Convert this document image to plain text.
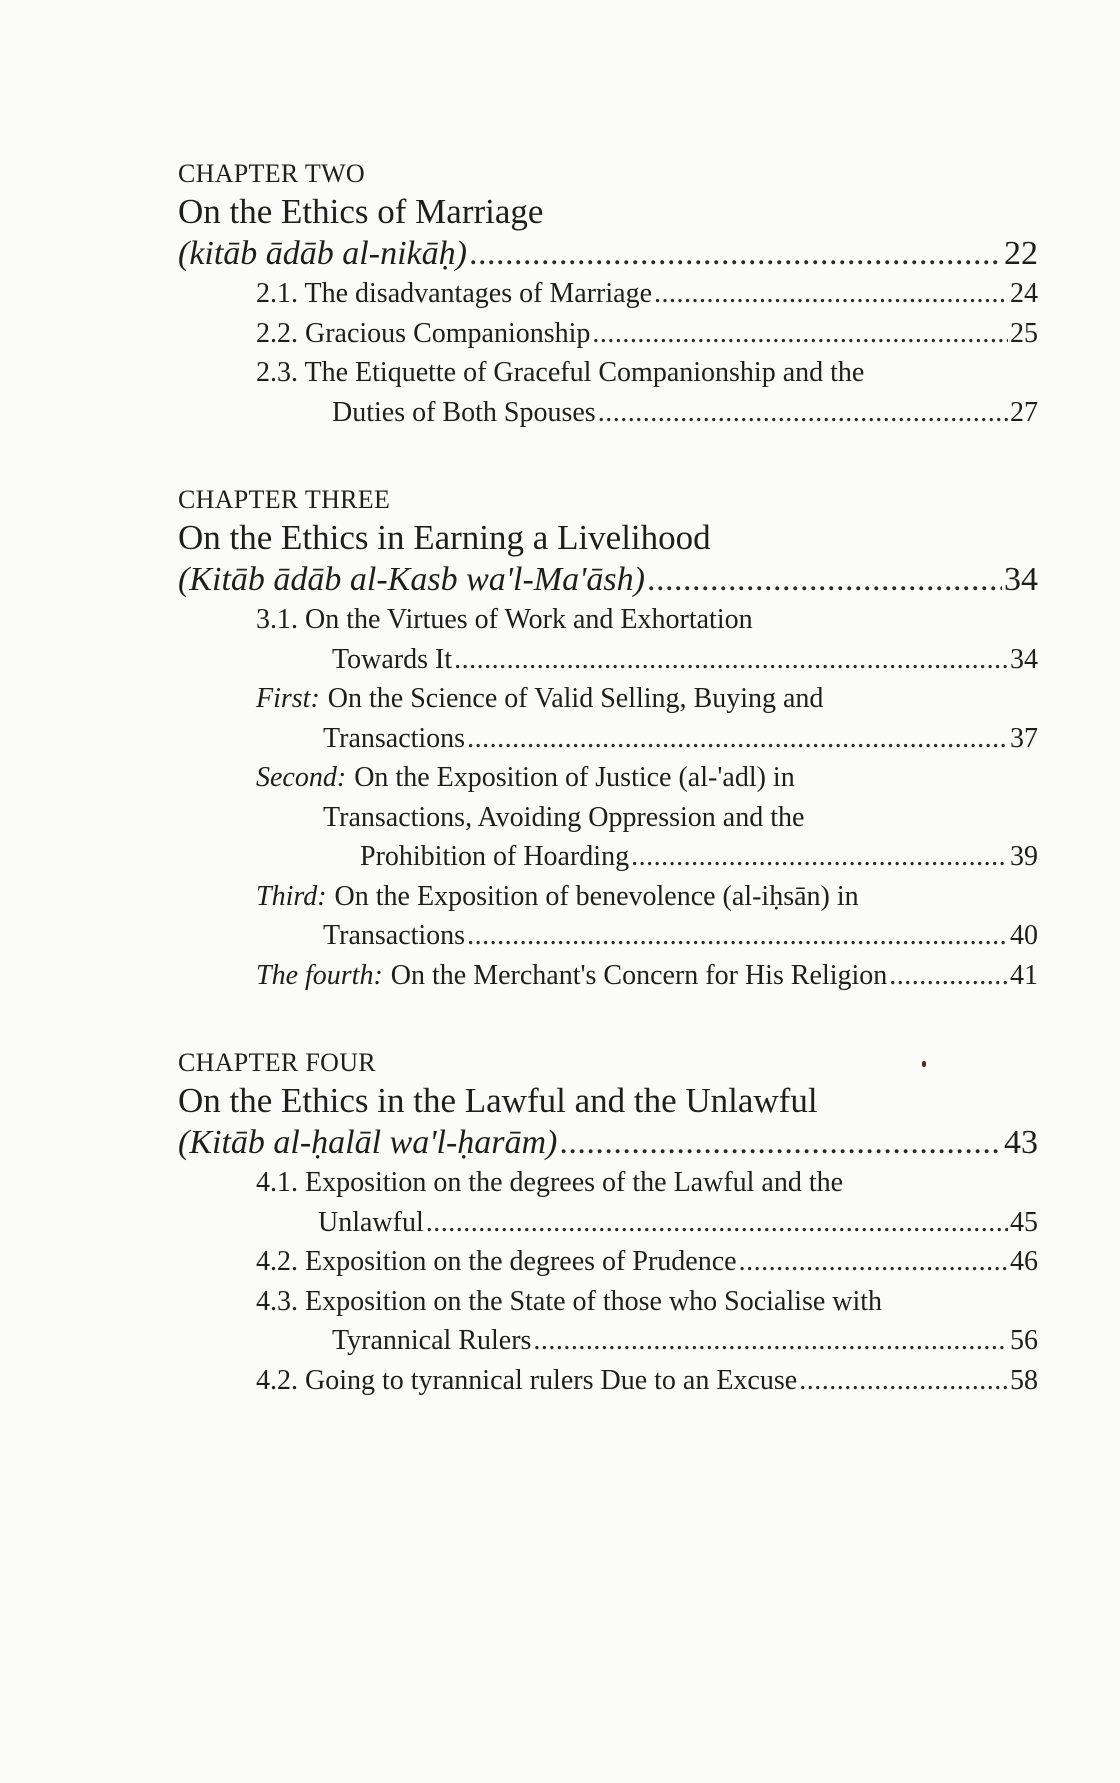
CHAPTER TWO
On the Ethics of Marriage
(kitāb ādāb al-nikāḥ) .....	22
2.1. The disadvantages of Marriage .....	24
2.2. Gracious Companionship .....	25
2.3. The Etiquette of Graceful Companionship and the
Duties of Both Spouses .....	27
CHAPTER THREE
On the Ethics in Earning a Livelihood
(Kitāb ādāb al-Kasb wa'l-Ma'āsh) .....	34
3.1. On the Virtues of Work and Exhortation
Towards It .....	34
First: On the Science of Valid Selling, Buying and
Transactions .....	37
Second: On the Exposition of Justice (al-'adl) in
Transactions, Avoiding Oppression and the
Prohibition of Hoarding .....	39
Third: On the Exposition of benevolence (al-iḥsān) in
Transactions .....	40
The fourth: On the Merchant's Concern for His Religion .....	41
CHAPTER FOUR
On the Ethics in the Lawful and the Unlawful
(Kitāb al-ḥalāl wa'l-ḥarām) .....	43
4.1. Exposition on the degrees of the Lawful and the
Unlawful .....	45
4.2. Exposition on the degrees of Prudence .....	46
4.3. Exposition on the State of those who Socialise with
Tyrannical Rulers .....	56
4.2. Going to tyrannical rulers Due to an Excuse .....	58
